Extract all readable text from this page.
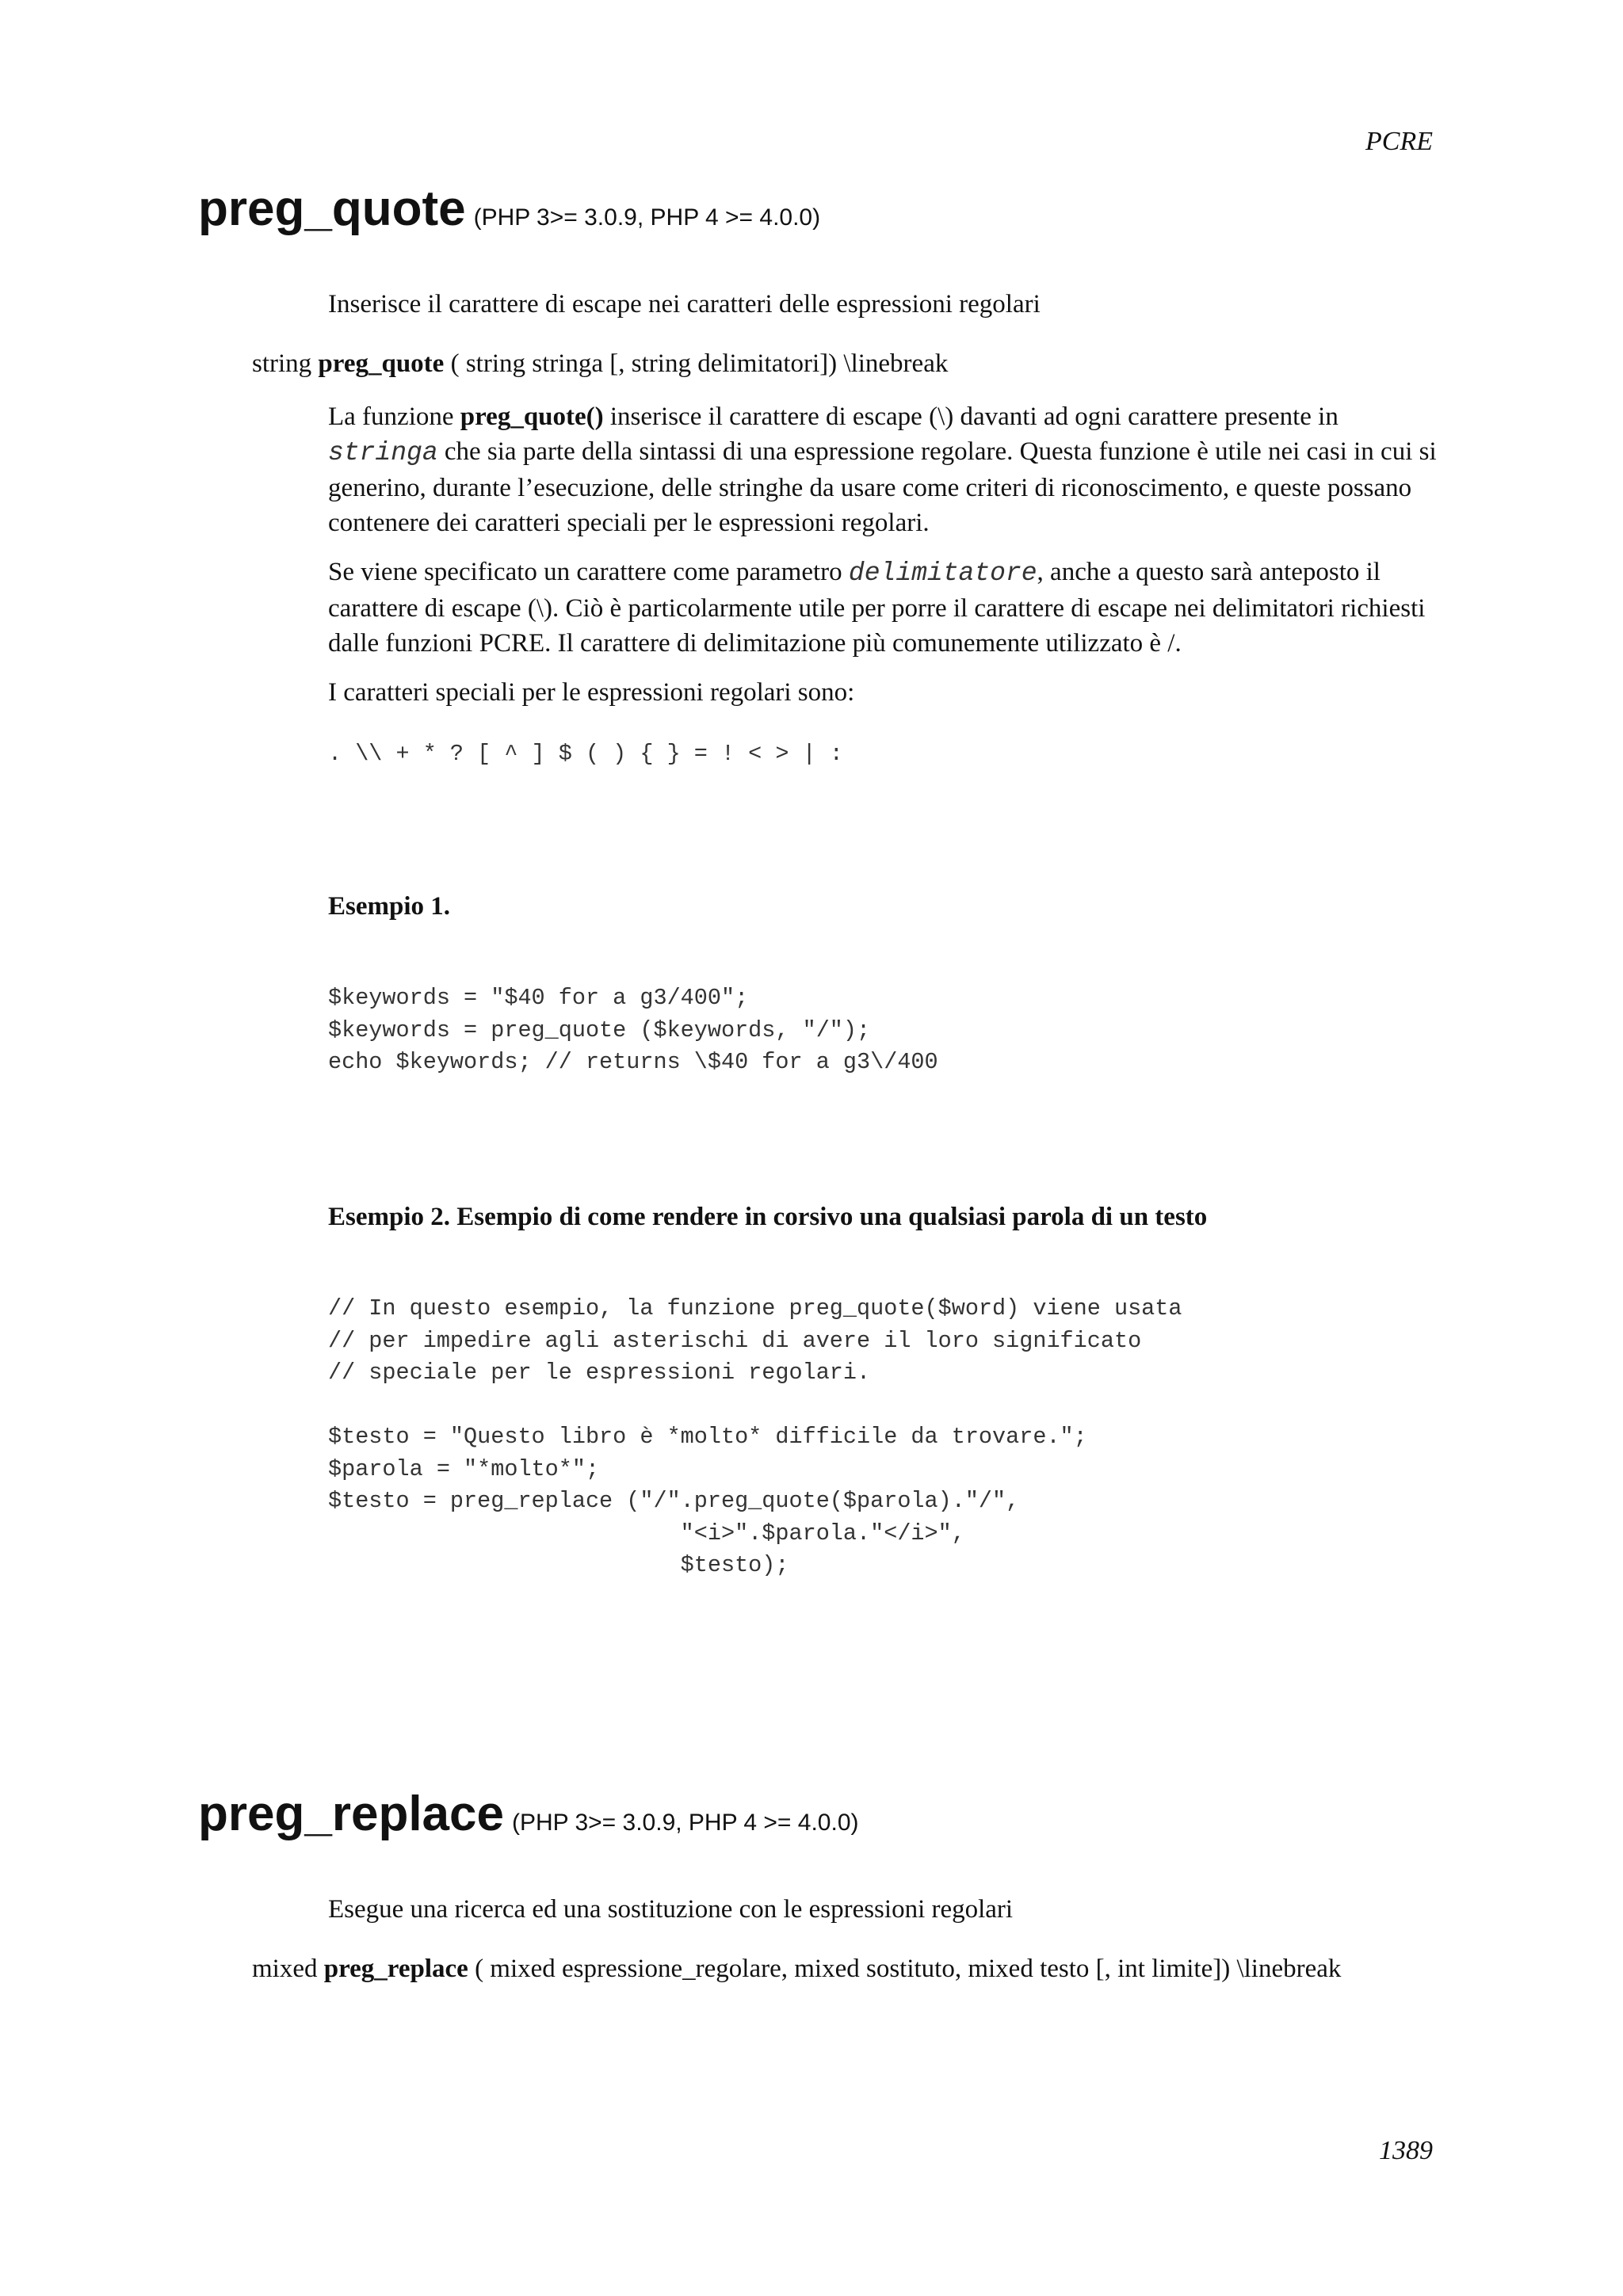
PCRE
preg_quote (PHP 3>= 3.0.9, PHP 4 >= 4.0.0)
Inserisce il carattere di escape nei caratteri delle espressioni regolari
string preg_quote ( string stringa [, string delimitatori]) \linebreak

La funzione preg_quote() inserisce il carattere di escape (\) davanti ad ogni carattere presente in stringa che sia parte della sintassi di una espressione regolare. Questa funzione è utile nei casi in cui si generino, durante l’esecuzione, delle stringhe da usare come criteri di riconoscimento, e queste possano contenere dei caratteri speciali per le espressioni regolari.

Se viene specificato un carattere come parametro delimitatore, anche a questo sarà anteposto il carattere di escape (\). Ciò è particolarmente utile per porre il carattere di escape nei delimitatori richiesti dalle funzioni PCRE. Il carattere di delimitazione più comunemente utilizzato è /.

I caratteri speciali per le espressioni regolari sono:

. \\ + * ? [ ^ ] $ ( ) { } = ! < > | :
Esempio 1.
$keywords = "$40 for a g3/400";
$keywords = preg_quote ($keywords, "/");
echo $keywords; // returns \$40 for a g3\/400
Esempio 2. Esempio di come rendere in corsivo una qualsiasi parola di un testo
// In questo esempio, la funzione preg_quote($word) viene usata
// per impedire agli asterischi di avere il loro significato
// speciale per le espressioni regolari.

$testo = "Questo libro è *molto* difficile da trovare.";
$parola = "*molto*";
$testo = preg_replace ("/".preg_quote($parola)."/",
"<i>".$parola."</i>",
$testo);
preg_replace (PHP 3>= 3.0.9, PHP 4 >= 4.0.0)
Esegue una ricerca ed una sostituzione con le espressioni regolari
mixed preg_replace ( mixed espressione_regolare, mixed sostituto, mixed testo [, int limite]) \linebreak
1389
